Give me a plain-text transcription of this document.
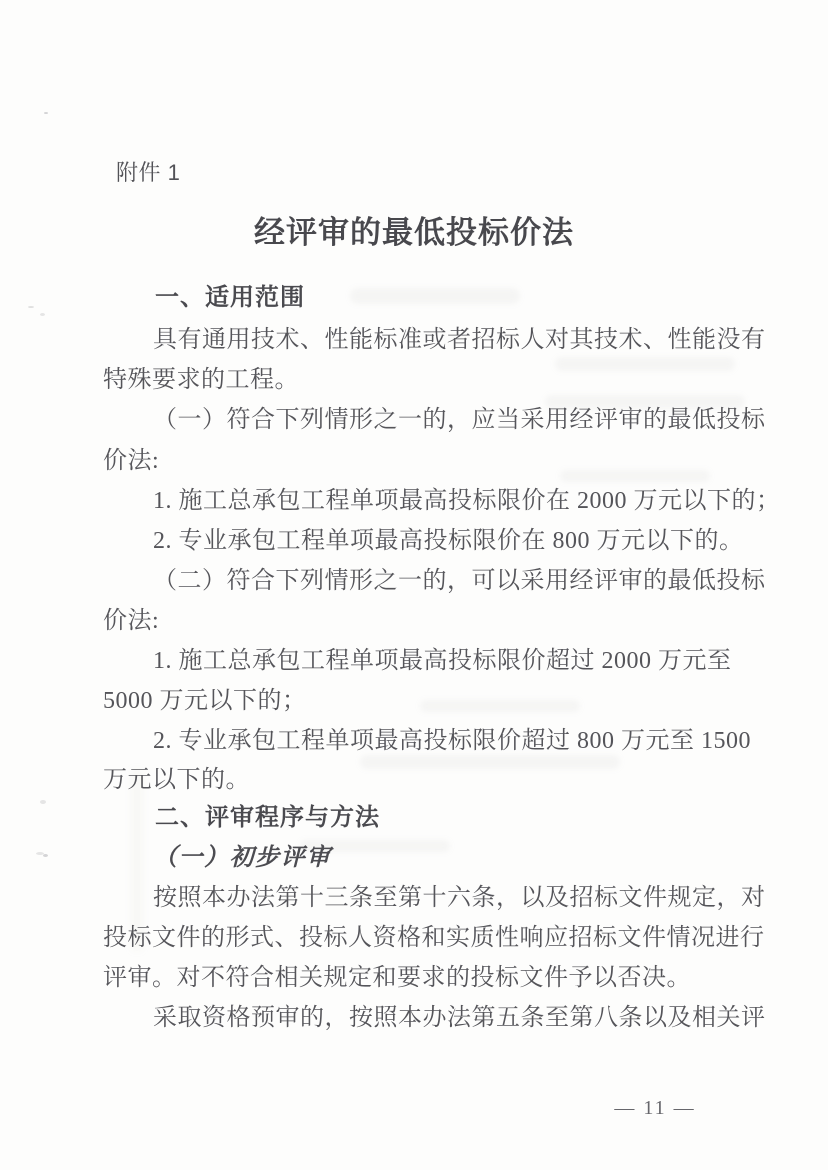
附件 1
经评审的最低投标价法
一、适用范围
具有通用技术、性能标准或者招标人对其技术、性能没有
特殊要求的工程。
（一）符合下列情形之一的，应当采用经评审的最低投标
价法:
1. 施工总承包工程单项最高投标限价在 2000 万元以下的；
2. 专业承包工程单项最高投标限价在 800 万元以下的。
（二）符合下列情形之一的，可以采用经评审的最低投标
价法:
1. 施工总承包工程单项最高投标限价超过 2000 万元至
5000 万元以下的；
2. 专业承包工程单项最高投标限价超过 800 万元至 1500
万元以下的。
二、评审程序与方法
（一）初步评审
按照本办法第十三条至第十六条，以及招标文件规定，对
投标文件的形式、投标人资格和实质性响应招标文件情况进行
评审。对不符合相关规定和要求的投标文件予以否决。
采取资格预审的，按照本办法第五条至第八条以及相关评
— 11 —
